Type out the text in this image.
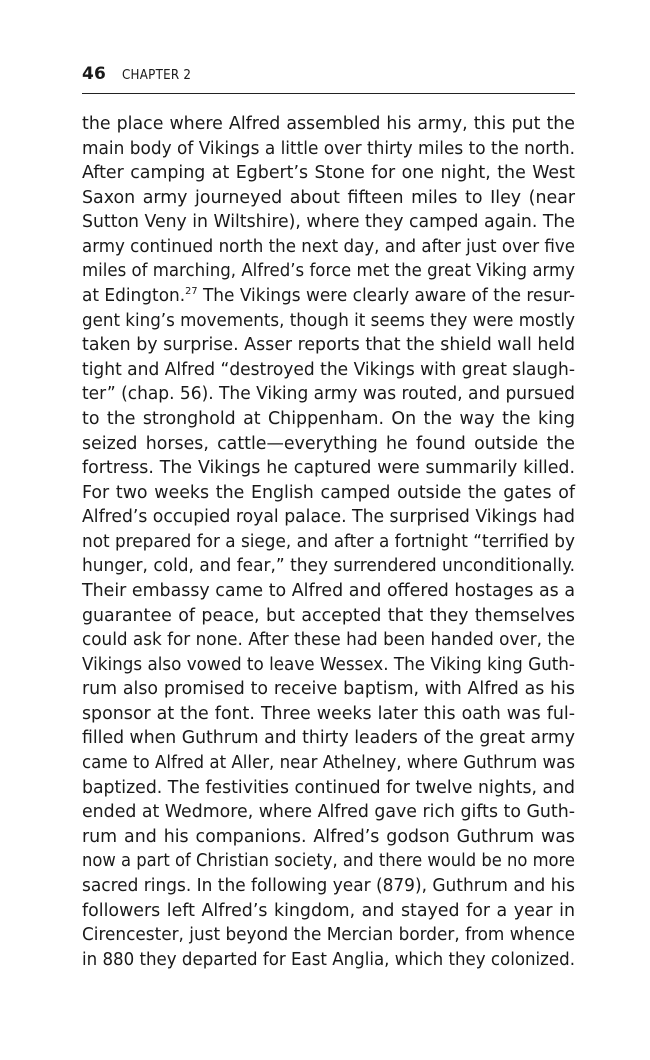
46 CHAPTER 2
the place where Alfred assembled his army, this put the
main body of Vikings a little over thirty miles to the north.
After camping at Egbert’s Stone for one night, the West
Saxon army journeyed about fifteen miles to Iley (near
Sutton Veny in Wiltshire), where they camped again. The
army continued north the next day, and after just over five
miles of marching, Alfred’s force met the great Viking army
at Edington.$^{27}$ The Vikings were clearly aware of the resur-
gent king’s movements, though it seems they were mostly
taken by surprise. Asser reports that the shield wall held
tight and Alfred “destroyed the Vikings with great slaugh-
ter” (chap. 56). The Viking army was routed, and pursued
to the stronghold at Chippenham. On the way the king
seized horses, cattle—everything he found outside the
fortress. The Vikings he captured were summarily killed.
For two weeks the English camped outside the gates of
Alfred’s occupied royal palace. The surprised Vikings had
not prepared for a siege, and after a fortnight “terrified by
hunger, cold, and fear,” they surrendered unconditionally.
Their embassy came to Alfred and offered hostages as a
guarantee of peace, but accepted that they themselves
could ask for none. After these had been handed over, the
Vikings also vowed to leave Wessex. The Viking king Guth-
rum also promised to receive baptism, with Alfred as his
sponsor at the font. Three weeks later this oath was ful-
filled when Guthrum and thirty leaders of the great army
came to Alfred at Aller, near Athelney, where Guthrum was
baptized. The festivities continued for twelve nights, and
ended at Wedmore, where Alfred gave rich gifts to Guth-
rum and his companions. Alfred’s godson Guthrum was
now a part of Christian society, and there would be no more
sacred rings. In the following year (879), Guthrum and his
followers left Alfred’s kingdom, and stayed for a year in
Cirencester, just beyond the Mercian border, from whence
in 880 they departed for East Anglia, which they colonized.
